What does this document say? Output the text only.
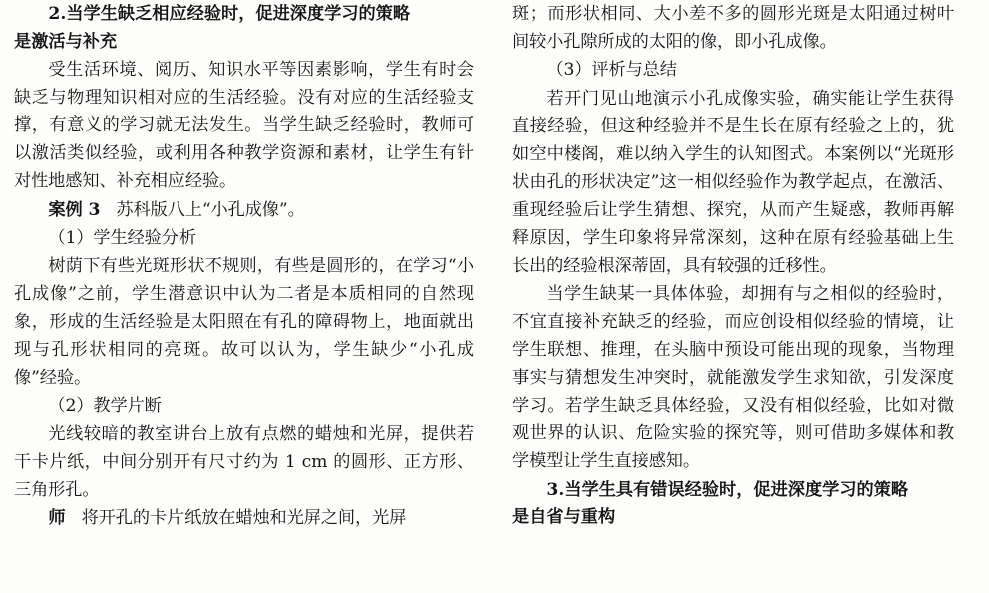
2.当学生缺乏相应经验时，促进深度学习的策略

是激活与补充

受生活环境、阅历、知识水平等因素影响，学生有时会缺乏与物理知识相对应的生活经验。没有对应的生活经验支撑，有意义的学习就无法发生。当学生缺乏经验时，教师可以激活类似经验，或利用各种教学资源和素材，让学生有针对性地感知、补充相应经验。

案例 3 苏科版八上“小孔成像”。

（1）学生经验分析

树荫下有些光斑形状不规则，有些是圆形的，在学习“小孔成像”之前，学生潜意识中认为二者是本质相同的自然现象，形成的生活经验是太阳照在有孔的障碍物上，地面就出现与孔形状相同的亮斑。故可以认为，学生缺少“小孔成像”经验。

（2）教学片断

光线较暗的教室讲台上放有点燃的蜡烛和光屏，提供若干卡片纸，中间分别开有尺寸约为 1 cm 的圆形、正方形、三角形孔。

师 将开孔的卡片纸放在蜡烛和光屏之间，光屏

斑；而形状相同、大小差不多的圆形光斑是太阳通过树叶间较小孔隙所成的太阳的像，即小孔成像。

（3）评析与总结

若开门见山地演示小孔成像实验，确实能让学生获得直接经验，但这种经验并不是生长在原有经验之上的，犹如空中楼阁，难以纳入学生的认知图式。本案例以“光斑形状由孔的形状决定”这一相似经验作为教学起点，在激活、重现经验后让学生猜想、探究，从而产生疑惑，教师再解释原因，学生印象将异常深刻，这种在原有经验基础上生长出的经验根深蒂固，具有较强的迁移性。

当学生缺某一具体体验，却拥有与之相似的经验时，不宜直接补充缺乏的经验，而应创设相似经验的情境，让学生联想、推理，在头脑中预设可能出现的现象，当物理事实与猜想发生冲突时，就能激发学生求知欲，引发深度学习。若学生缺乏具体经验，又没有相似经验，比如对微观世界的认识、危险实验的探究等，则可借助多媒体和教学模型让学生直接感知。

3.当学生具有错误经验时，促进深度学习的策略

是自省与重构
